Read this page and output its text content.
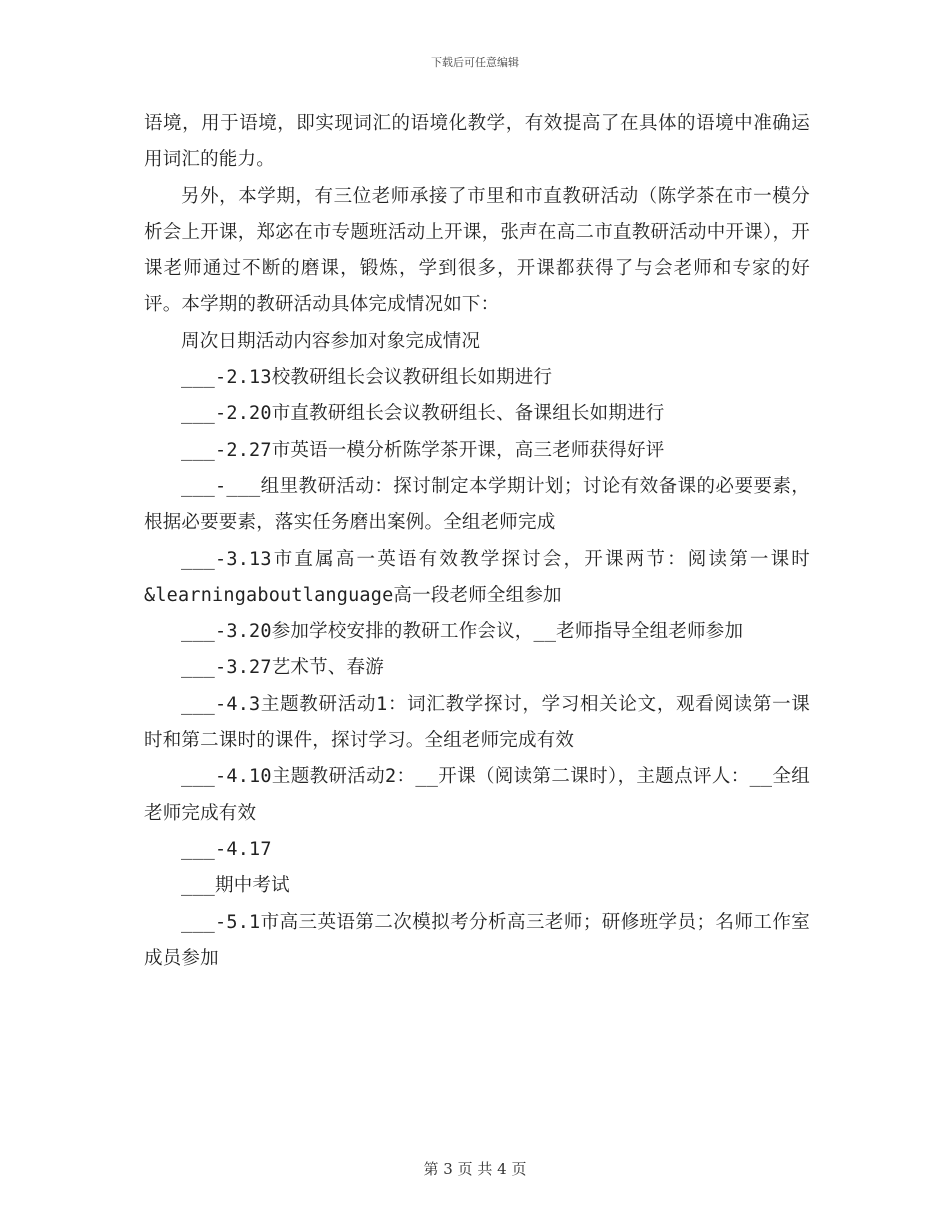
下载后可任意编辑

语境，用于语境，即实现词汇的语境化教学，有效提高了在具体的语境中准确运用词汇的能力。

另外，本学期，有三位老师承接了市里和市直教研活动（陈学茶在市一模分析会上开课，郑宓在市专题班活动上开课，张声在高二市直教研活动中开课），开课老师通过不断的磨课，锻炼，学到很多，开课都获得了与会老师和专家的好评。本学期的教研活动具体完成情况如下：

周次日期活动内容参加对象完成情况

___-2.13校教研组长会议教研组长如期进行

___-2.20市直教研组长会议教研组长、备课组长如期进行

___-2.27市英语一模分析陈学茶开课，高三老师获得好评

___-___组里教研活动：探讨制定本学期计划；讨论有效备课的必要要素，根据必要要素，落实任务磨出案例。全组老师完成

___-3.13市直属高一英语有效教学探讨会，开课两节：阅读第一课时&learningaboutlanguage高一段老师全组参加

___-3.20参加学校安排的教研工作会议，__老师指导全组老师参加

___-3.27艺术节、春游

___-4.3主题教研活动1：词汇教学探讨，学习相关论文，观看阅读第一课时和第二课时的课件，探讨学习。全组老师完成有效

___-4.10主题教研活动2：__开课（阅读第二课时），主题点评人：__全组老师完成有效

___-4.17

___期中考试

___-5.1市高三英语第二次模拟考分析高三老师；研修班学员；名师工作室成员参加

第 3 页 共 4 页
